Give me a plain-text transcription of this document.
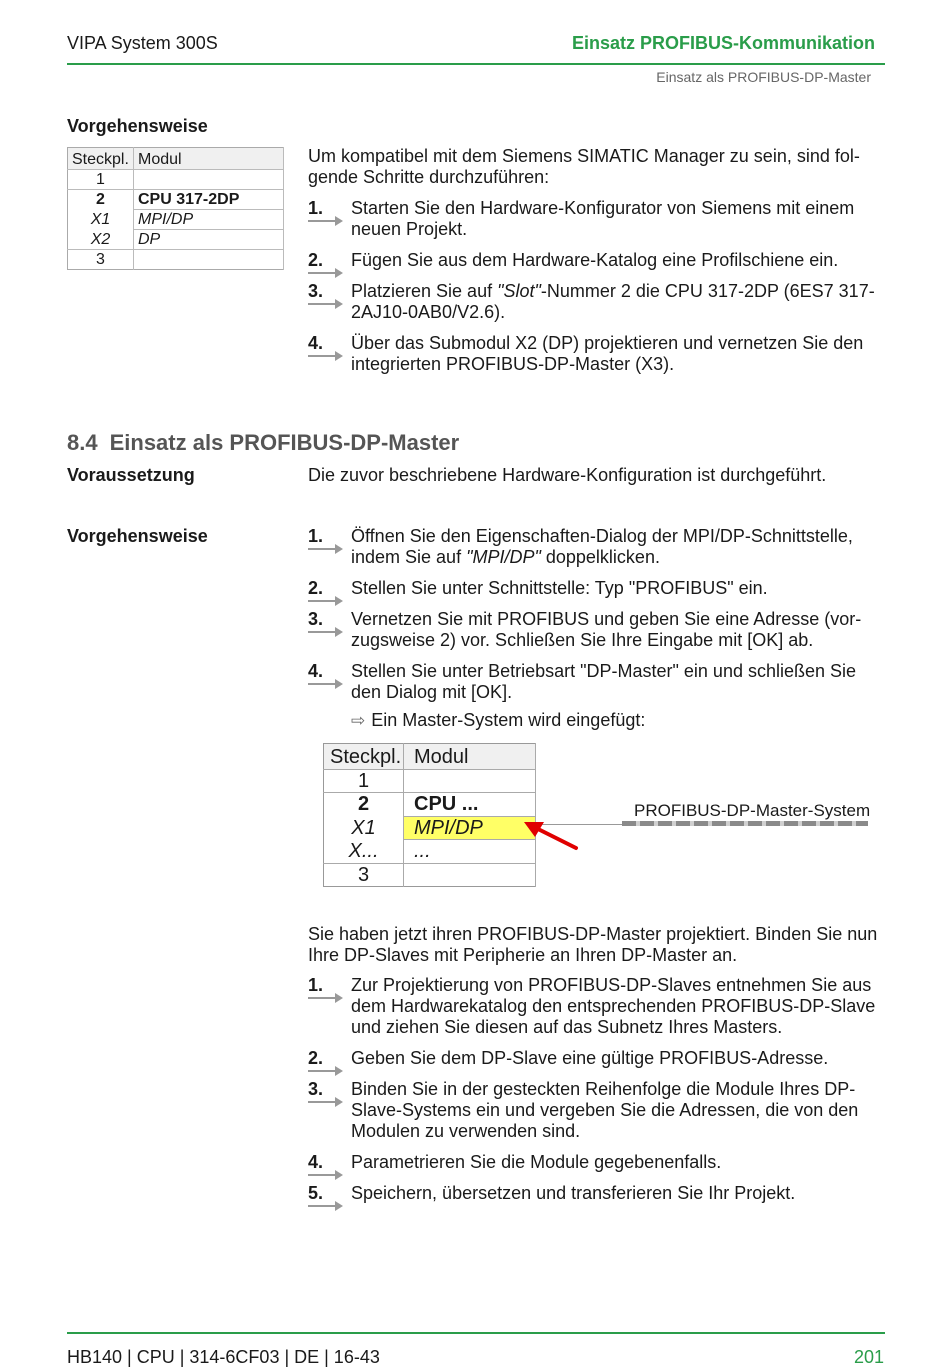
VIPA System 300S	Einsatz PROFIBUS-Kommunikation
Einsatz als PROFIBUS-DP-Master
Vorgehensweise
Steckpl.	Modul
1	
2	CPU 317-2DP
X1	MPI/DP
X2	DP
3	
Um kompatibel mit dem Siemens SIMATIC Manager zu sein, sind fol-gende Schritte durchzuführen:
1. Starten Sie den Hardware-Konfigurator von Siemens mit einem neuen Projekt.
2. Fügen Sie aus dem Hardware-Katalog eine Profilschiene ein.
3. Platzieren Sie auf "Slot"-Nummer 2 die CPU 317-2DP (6ES7 317-2AJ10-0AB0/V2.6).
4. Über das Submodul X2 (DP) projektieren und vernetzen Sie den integrierten PROFIBUS-DP-Master (X3).
8.4 Einsatz als PROFIBUS-DP-Master
Voraussetzung	Die zuvor beschriebene Hardware-Konfiguration ist durchgeführt.
Vorgehensweise	1. Öffnen Sie den Eigenschaften-Dialog der MPI/DP-Schnittstelle, indem Sie auf "MPI/DP" doppelklicken.
2. Stellen Sie unter Schnittstelle: Typ "PROFIBUS" ein.
3. Vernetzen Sie mit PROFIBUS und geben Sie eine Adresse (vor-zugsweise 2) vor. Schließen Sie Ihre Eingabe mit [OK] ab.
4. Stellen Sie unter Betriebsart "DP-Master" ein und schließen Sie den Dialog mit [OK].
⇨ Ein Master-System wird eingefügt:
Steckpl.	Modul
1	
2	CPU ...
X1	MPI/DP
X...	...
3	
PROFIBUS-DP-Master-System
Sie haben jetzt ihren PROFIBUS-DP-Master projektiert. Binden Sie nun Ihre DP-Slaves mit Peripherie an Ihren DP-Master an.
1. Zur Projektierung von PROFIBUS-DP-Slaves entnehmen Sie aus dem Hardwarekatalog den entsprechenden PROFIBUS-DP-Slave und ziehen Sie diesen auf das Subnetz Ihres Masters.
2. Geben Sie dem DP-Slave eine gültige PROFIBUS-Adresse.
3. Binden Sie in der gesteckten Reihenfolge die Module Ihres DP-Slave-Systems ein und vergeben Sie die Adressen, die von den Modulen zu verwenden sind.
4. Parametrieren Sie die Module gegebenenfalls.
5. Speichern, übersetzen und transferieren Sie Ihr Projekt.
HB140 | CPU | 314-6CF03 | DE | 16-43	201
